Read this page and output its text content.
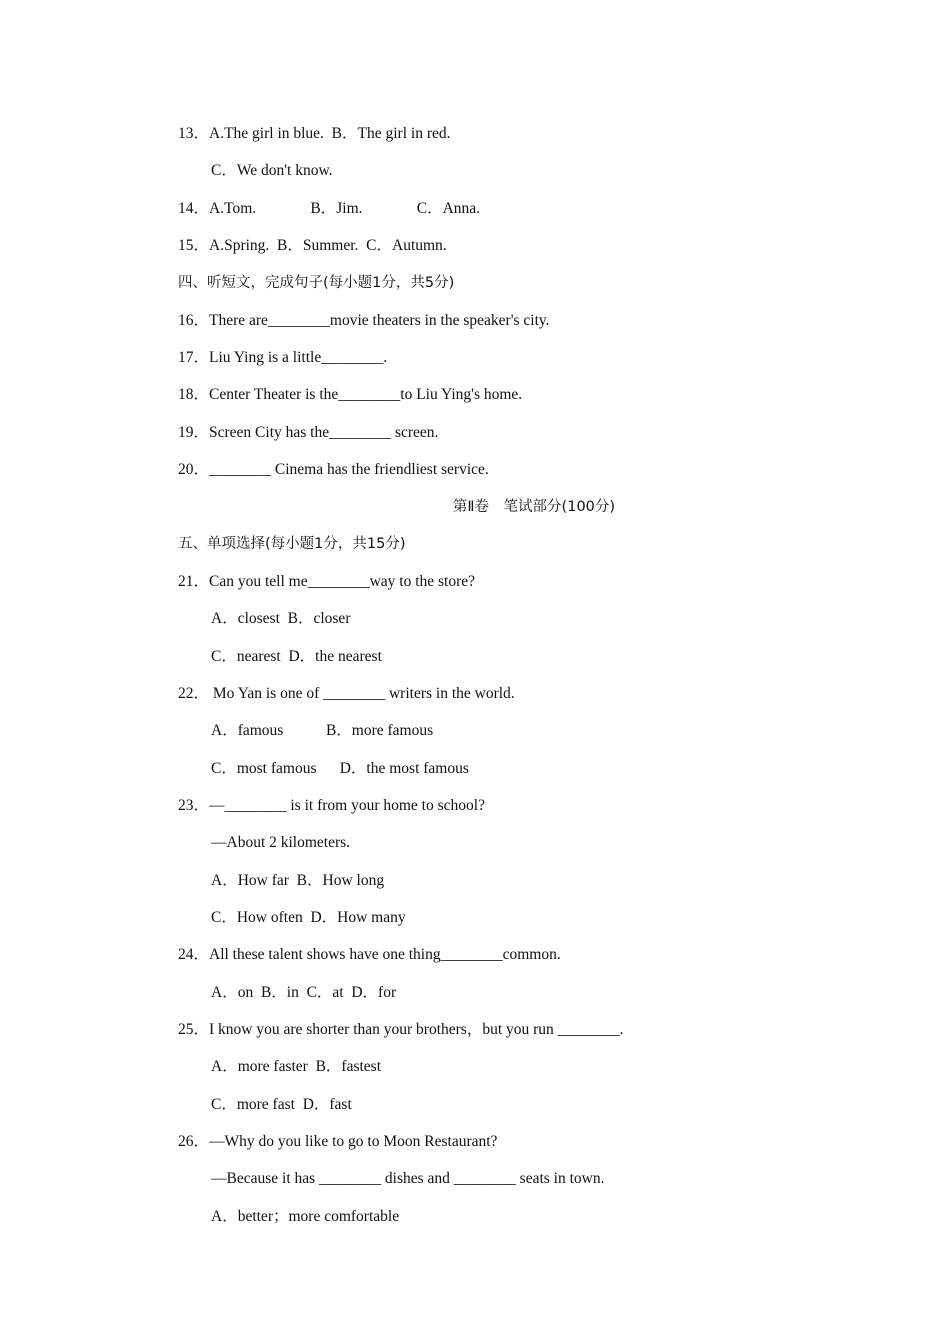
13．A.The girl in blue.  B．The girl in red.
C．We don't know.
14．A.Tom.              B．Jim.              C．Anna.
15．A.Spring.  B．Summer.  C．Autumn.
四、听短文，完成句子(每小题1分，共5分)
16．There are________movie theaters in the speaker's city.
17．Liu Ying is a little________.
18．Center Theater is the________to Liu Ying's home.
19．Screen City has the________ screen.
20．________ Cinema has the friendliest service.
第Ⅱ卷　笔试部分(100分)
五、单项选择(每小题1分，共15分)
21．Can you tell me________way to the store?
A．closest  B．closer
C．nearest  D．the nearest
22． Mo Yan is one of ________ writers in the world.
A．famous           B．more famous
C．most famous      D．the most famous
23．—________ is it from your home to school?
—About 2 kilometers.
A．How far  B．How long
C．How often  D．How many
24．All these talent shows have one thing________common.
A．on  B．in  C．at  D．for
25．I know you are shorter than your brothers，but you run ________.
A．more faster  B．fastest
C．more fast  D．fast
26．—Why do you like to go to Moon Restaurant?
—Because it has ________ dishes and ________ seats in town.
A．better；more comfortable
